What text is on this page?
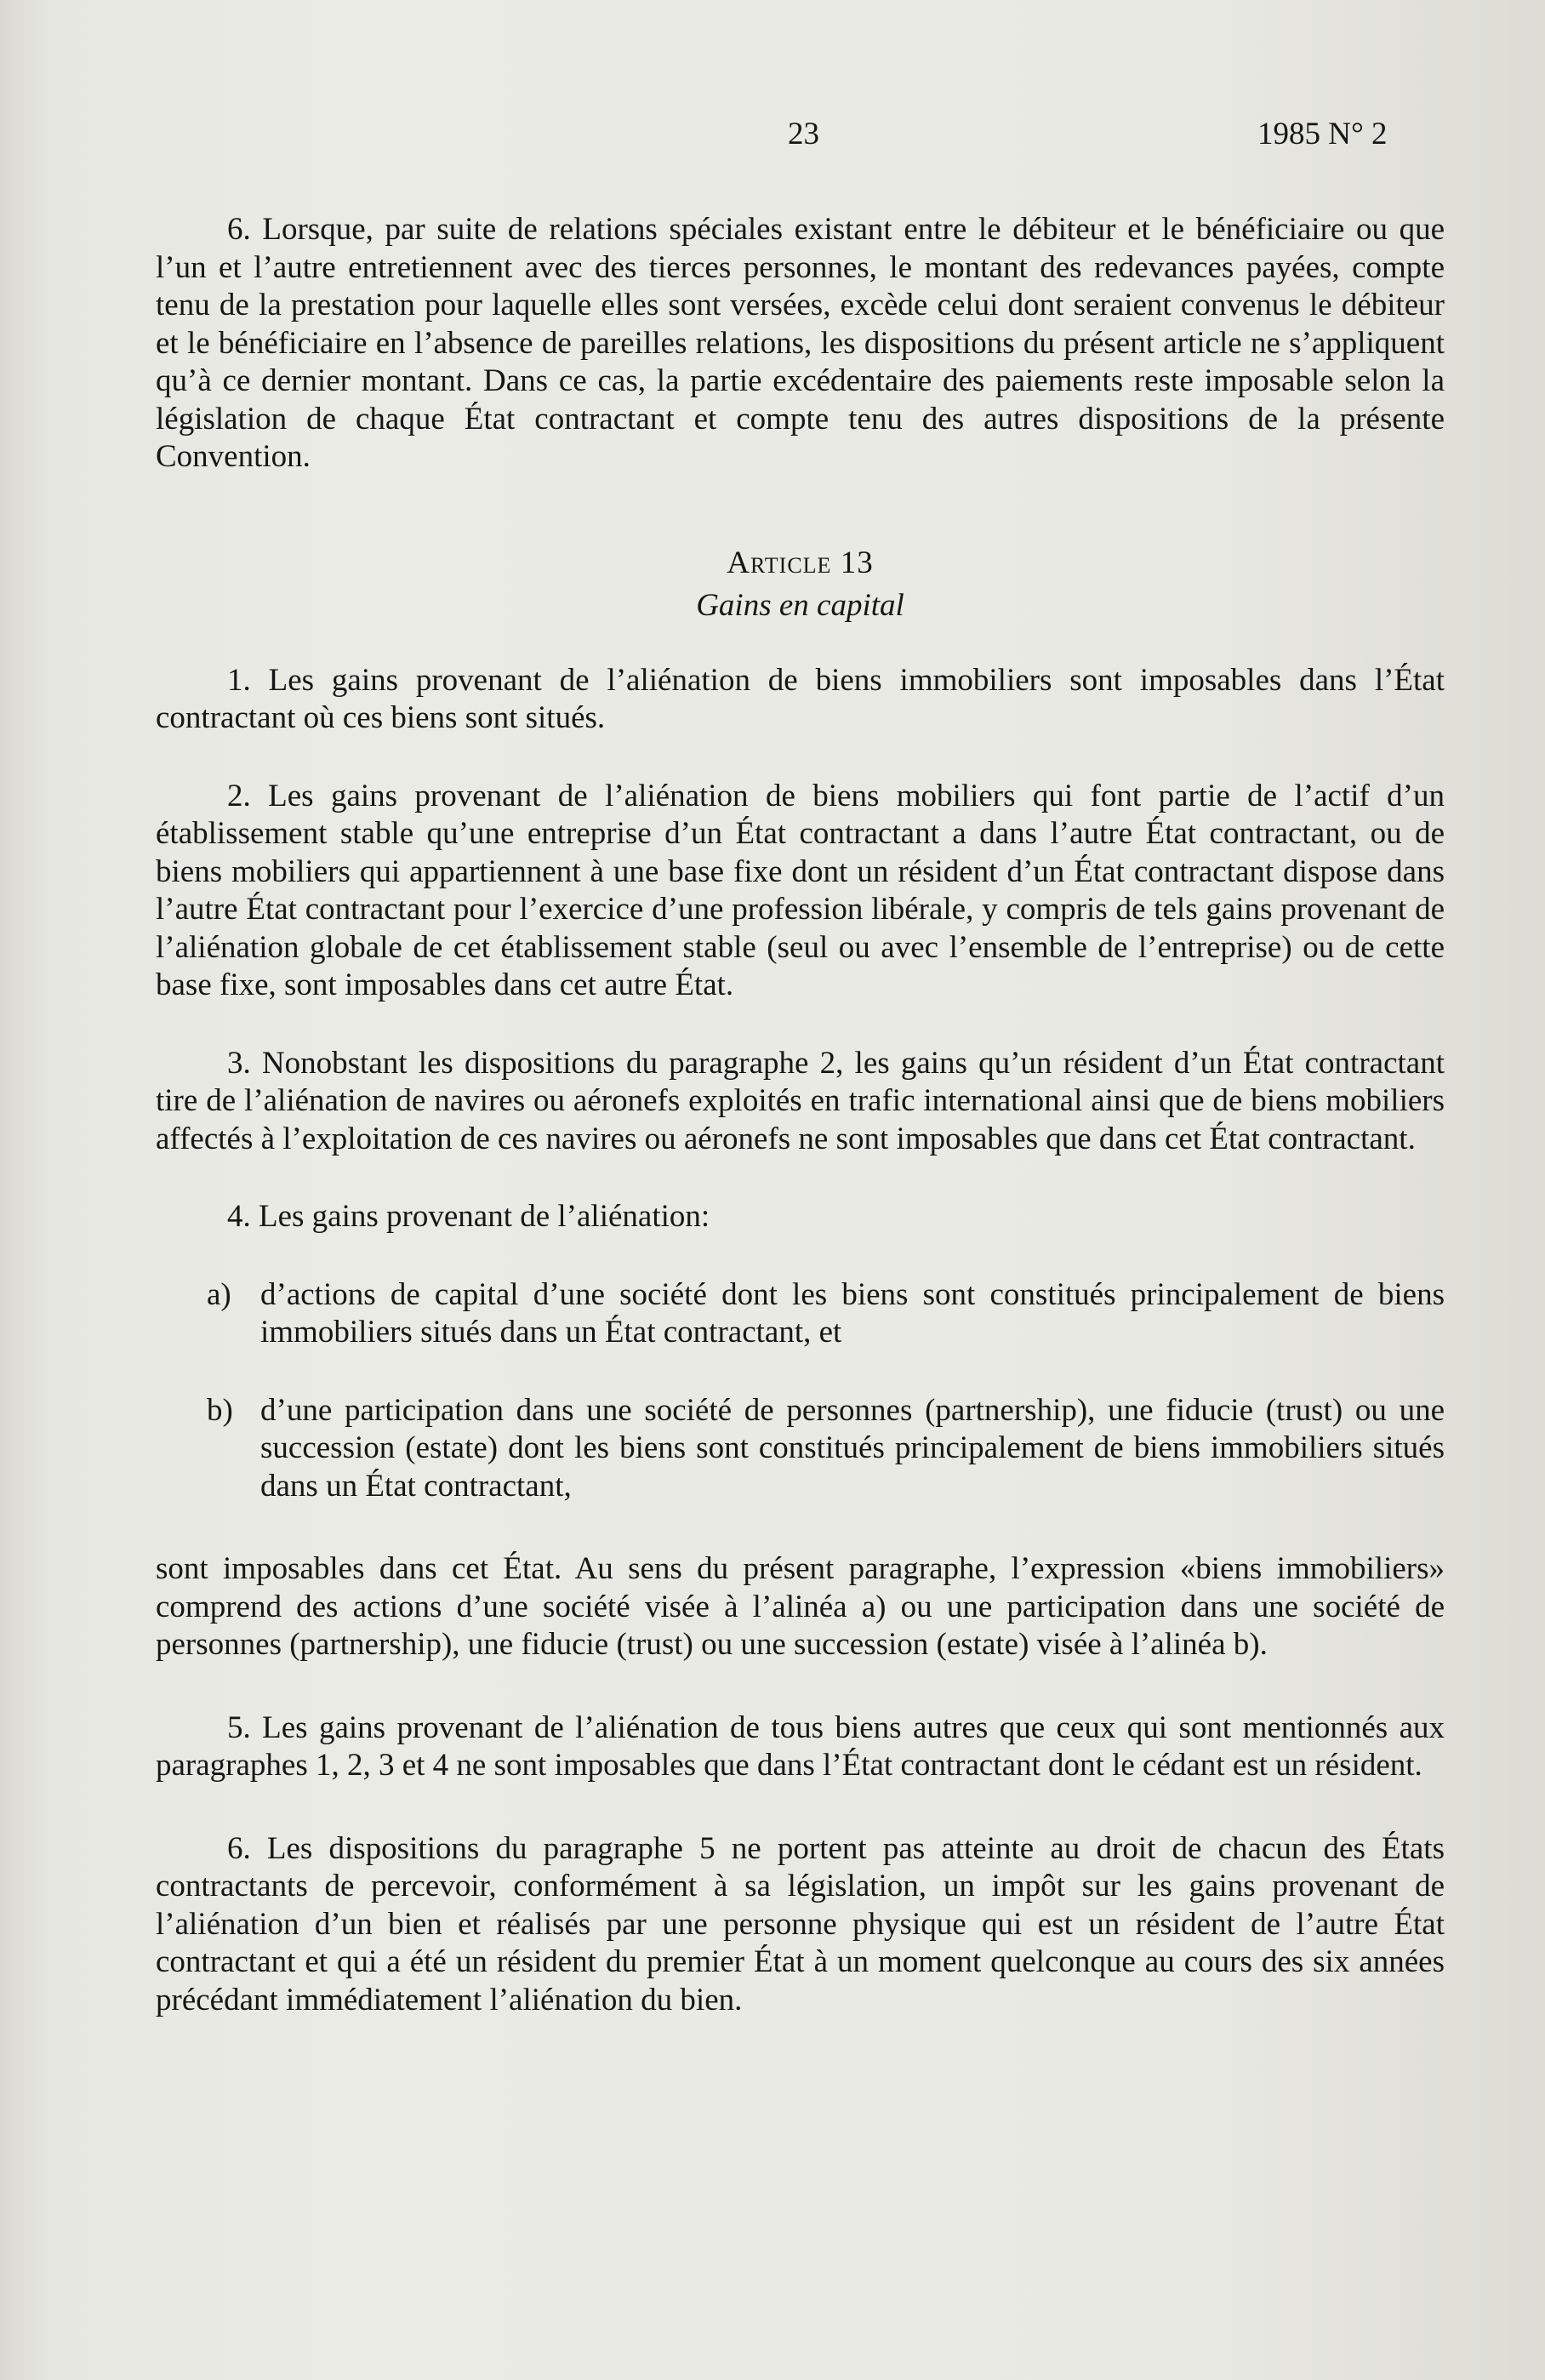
23	1985 N° 2

6. Lorsque, par suite de relations spéciales existant entre le débiteur et le bénéficiaire ou que l’un et l’autre entretiennent avec des tierces personnes, le montant des redevances payées, compte tenu de la prestation pour laquelle elles sont versées, excède celui dont seraient convenus le débiteur et le bénéficiaire en l’absence de pareilles relations, les dispositions du présent article ne s’appliquent qu’à ce dernier montant. Dans ce cas, la partie excédentaire des paiements reste imposable selon la législation de chaque État contractant et compte tenu des autres dispositions de la présente Convention.

Article 13
Gains en capital

1. Les gains provenant de l’aliénation de biens immobiliers sont imposables dans l’État contractant où ces biens sont situés.

2. Les gains provenant de l’aliénation de biens mobiliers qui font partie de l’actif d’un établissement stable qu’une entreprise d’un État contractant a dans l’autre État contractant, ou de biens mobiliers qui appartiennent à une base fixe dont un résident d’un État contractant dispose dans l’autre État contractant pour l’exercice d’une profession libérale, y compris de tels gains provenant de l’aliénation globale de cet établissement stable (seul ou avec l’ensemble de l’entreprise) ou de cette base fixe, sont imposables dans cet autre État.

3. Nonobstant les dispositions du paragraphe 2, les gains qu’un résident d’un État contractant tire de l’aliénation de navires ou aéronefs exploités en trafic international ainsi que de biens mobiliers affectés à l’exploitation de ces navires ou aéronefs ne sont imposables que dans cet État contractant.

4. Les gains provenant de l’aliénation:

a) d’actions de capital d’une société dont les biens sont constitués principalement de biens immobiliers situés dans un État contractant, et
b) d’une participation dans une société de personnes (partnership), une fiducie (trust) ou une succession (estate) dont les biens sont constitués principalement de biens immobiliers situés dans un État contractant,

sont imposables dans cet État. Au sens du présent paragraphe, l’expression «biens immobiliers» comprend des actions d’une société visée à l’alinéa a) ou une participation dans une société de personnes (partnership), une fiducie (trust) ou une succession (estate) visée à l’alinéa b).

5. Les gains provenant de l’aliénation de tous biens autres que ceux qui sont mentionnés aux paragraphes 1, 2, 3 et 4 ne sont imposables que dans l’État contractant dont le cédant est un résident.

6. Les dispositions du paragraphe 5 ne portent pas atteinte au droit de chacun des États contractants de percevoir, conformément à sa législation, un impôt sur les gains provenant de l’aliénation d’un bien et réalisés par une personne physique qui est un résident de l’autre État contractant et qui a été un résident du premier État à un moment quelconque au cours des six années précédant immédiatement l’aliénation du bien.
